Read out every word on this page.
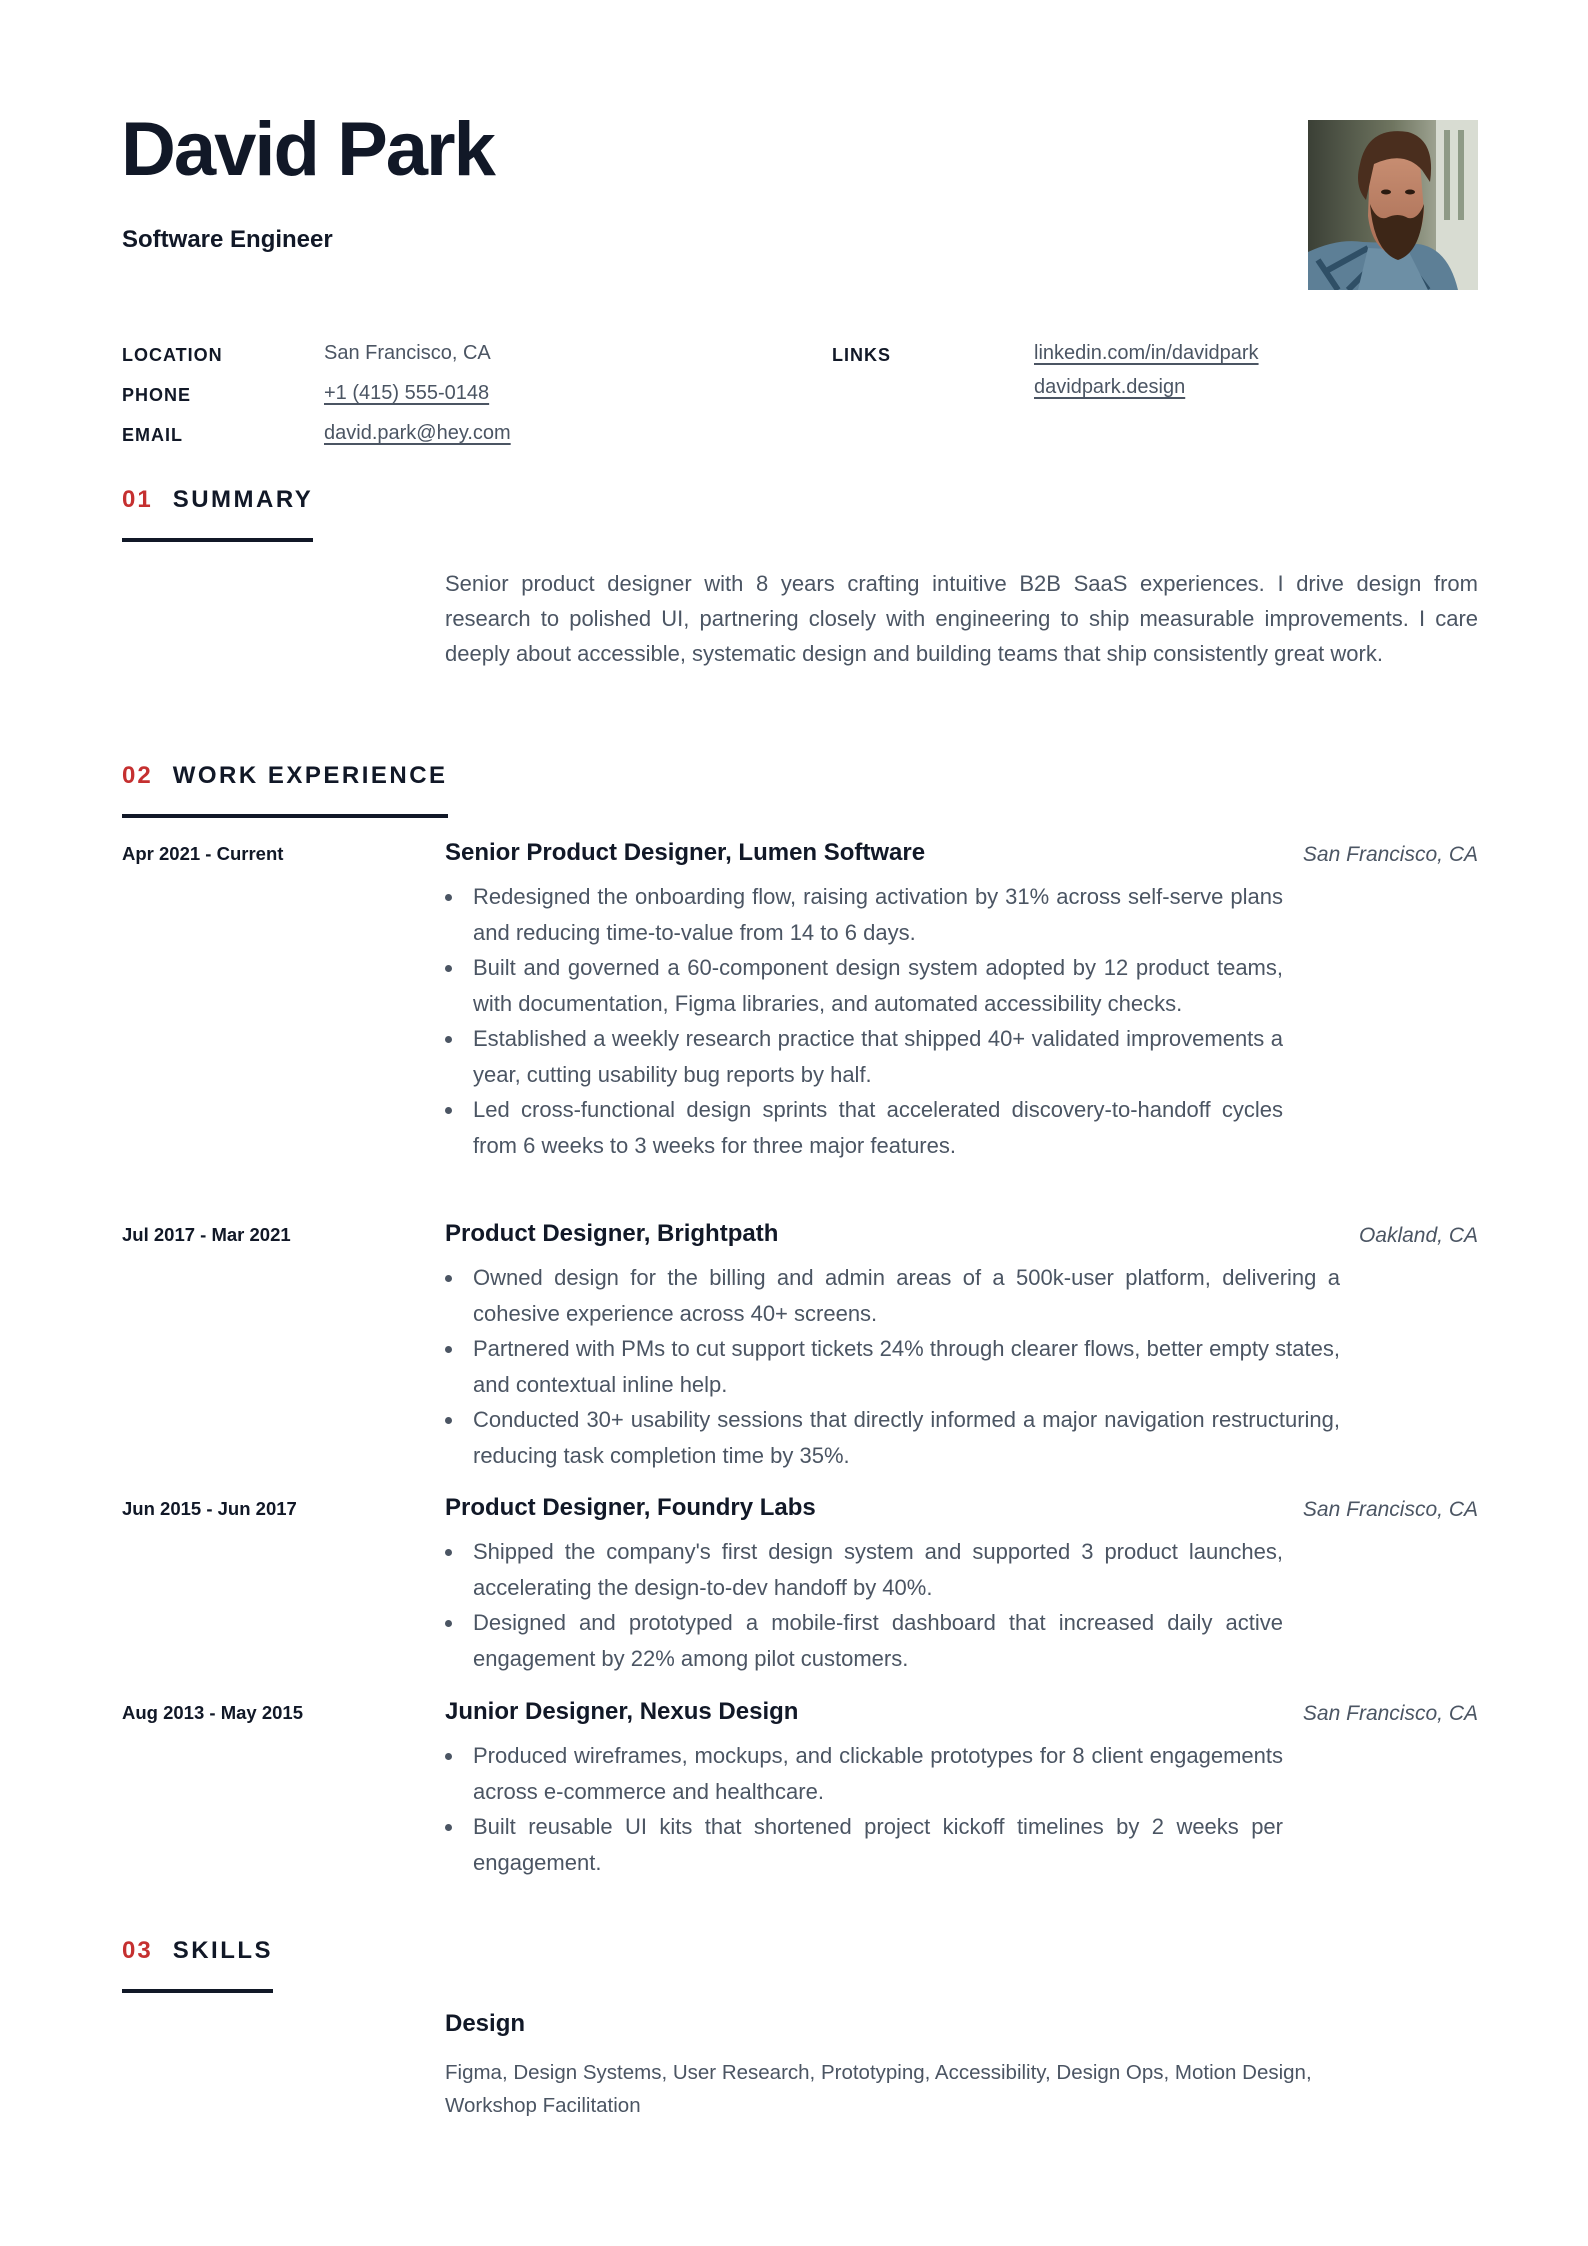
David Park
Software Engineer
LOCATION	San Francisco, CA
PHONE	+1 (415) 555-0148
EMAIL	david.park@hey.com
LINKS	linkedin.com/in/davidpark
davidpark.design
01 SUMMARY

Senior product designer with 8 years crafting intuitive B2B SaaS experiences. I drive design from research to polished UI, partnering closely with engineering to ship measurable improvements. I care deeply about accessible, systematic design and building teams that ship consistently great work.

02 WORK EXPERIENCE
Apr 2021 - Current	Senior Product Designer, Lumen Software	San Francisco, CA
Redesigned the onboarding flow, raising activation by 31% across self-serve plans and reducing time-to-value from 14 to 6 days.
Built and governed a 60-component design system adopted by 12 product teams, with documentation, Figma libraries, and automated accessibility checks.
Established a weekly research practice that shipped 40+ validated improvements a year, cutting usability bug reports by half.
Led cross-functional design sprints that accelerated discovery-to-handoff cycles from 6 weeks to 3 weeks for three major features.
Jul 2017 - Mar 2021	Product Designer, Brightpath	Oakland, CA
Owned design for the billing and admin areas of a 500k-user platform, delivering a cohesive experience across 40+ screens.
Partnered with PMs to cut support tickets 24% through clearer flows, better empty states, and contextual inline help.
Conducted 30+ usability sessions that directly informed a major navigation restructuring, reducing task completion time by 35%.
Jun 2015 - Jun 2017	Product Designer, Foundry Labs	San Francisco, CA
Shipped the company's first design system and supported 3 product launches, accelerating the design-to-dev handoff by 40%.
Designed and prototyped a mobile-first dashboard that increased daily active engagement by 22% among pilot customers.
Aug 2013 - May 2015	Junior Designer, Nexus Design	San Francisco, CA
Produced wireframes, mockups, and clickable prototypes for 8 client engagements across e-commerce and healthcare.
Built reusable UI kits that shortened project kickoff timelines by 2 weeks per engagement.
03 SKILLS
Design

Figma, Design Systems, User Research, Prototyping, Accessibility, Design Ops, Motion Design, Workshop Facilitation
